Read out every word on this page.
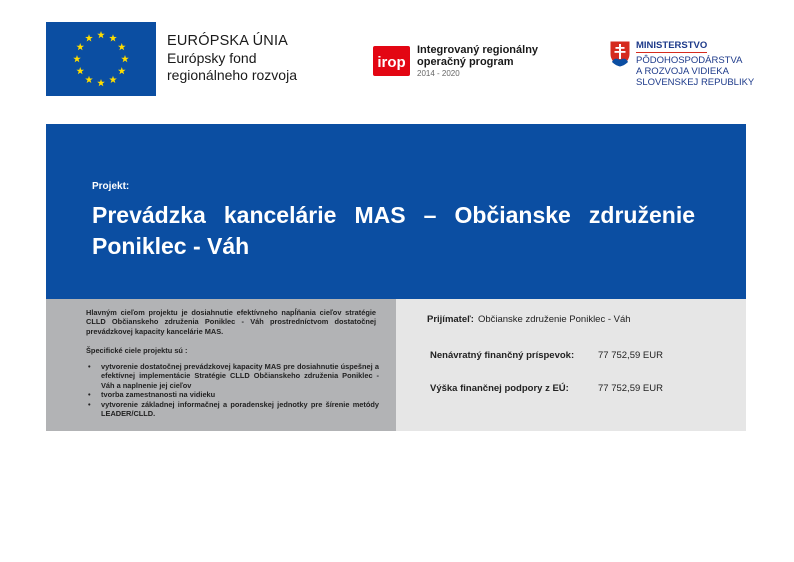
EURÓPSKA ÚNIA
Európsky fond
regionálneho rozvoja
irop
Integrovaný regionálny
operačný program
2014 - 2020
MINISTERSTVO
PÔDOHOSPODÁRSTVA
A ROZVOJA VIDIEKA
SLOVENSKEJ REPUBLIKY
Projekt:
Prevádzka kancelárie MAS – Občianske združenie Poniklec - Váh
Hlavným cieľom projektu je dosiahnutie efektívneho napĺňania cieľov stratégie CLLD Občianskeho združenia Poniklec - Váh prostredníctvom dostatočnej prevádzkovej kapacity kancelárie MAS.
Špecifické ciele projektu sú :
• vytvorenie dostatočnej prevádzkovej kapacity MAS pre dosiahnutie úspešnej a efektívnej implementácie Stratégie CLLD Občianskeho združenia Poniklec - Váh a naplnenie jej cieľov
• tvorba zamestnanosti na vidieku
• vytvorenie základnej informačnej a poradenskej jednotky pre šírenie metódy LEADER/CLLD.
Prijímateľ: Občianske združenie Poniklec - Váh
Nenávratný finančný príspevok:	77 752,59 EUR
Výška finančnej podpory z EÚ:	77 752,59 EUR
